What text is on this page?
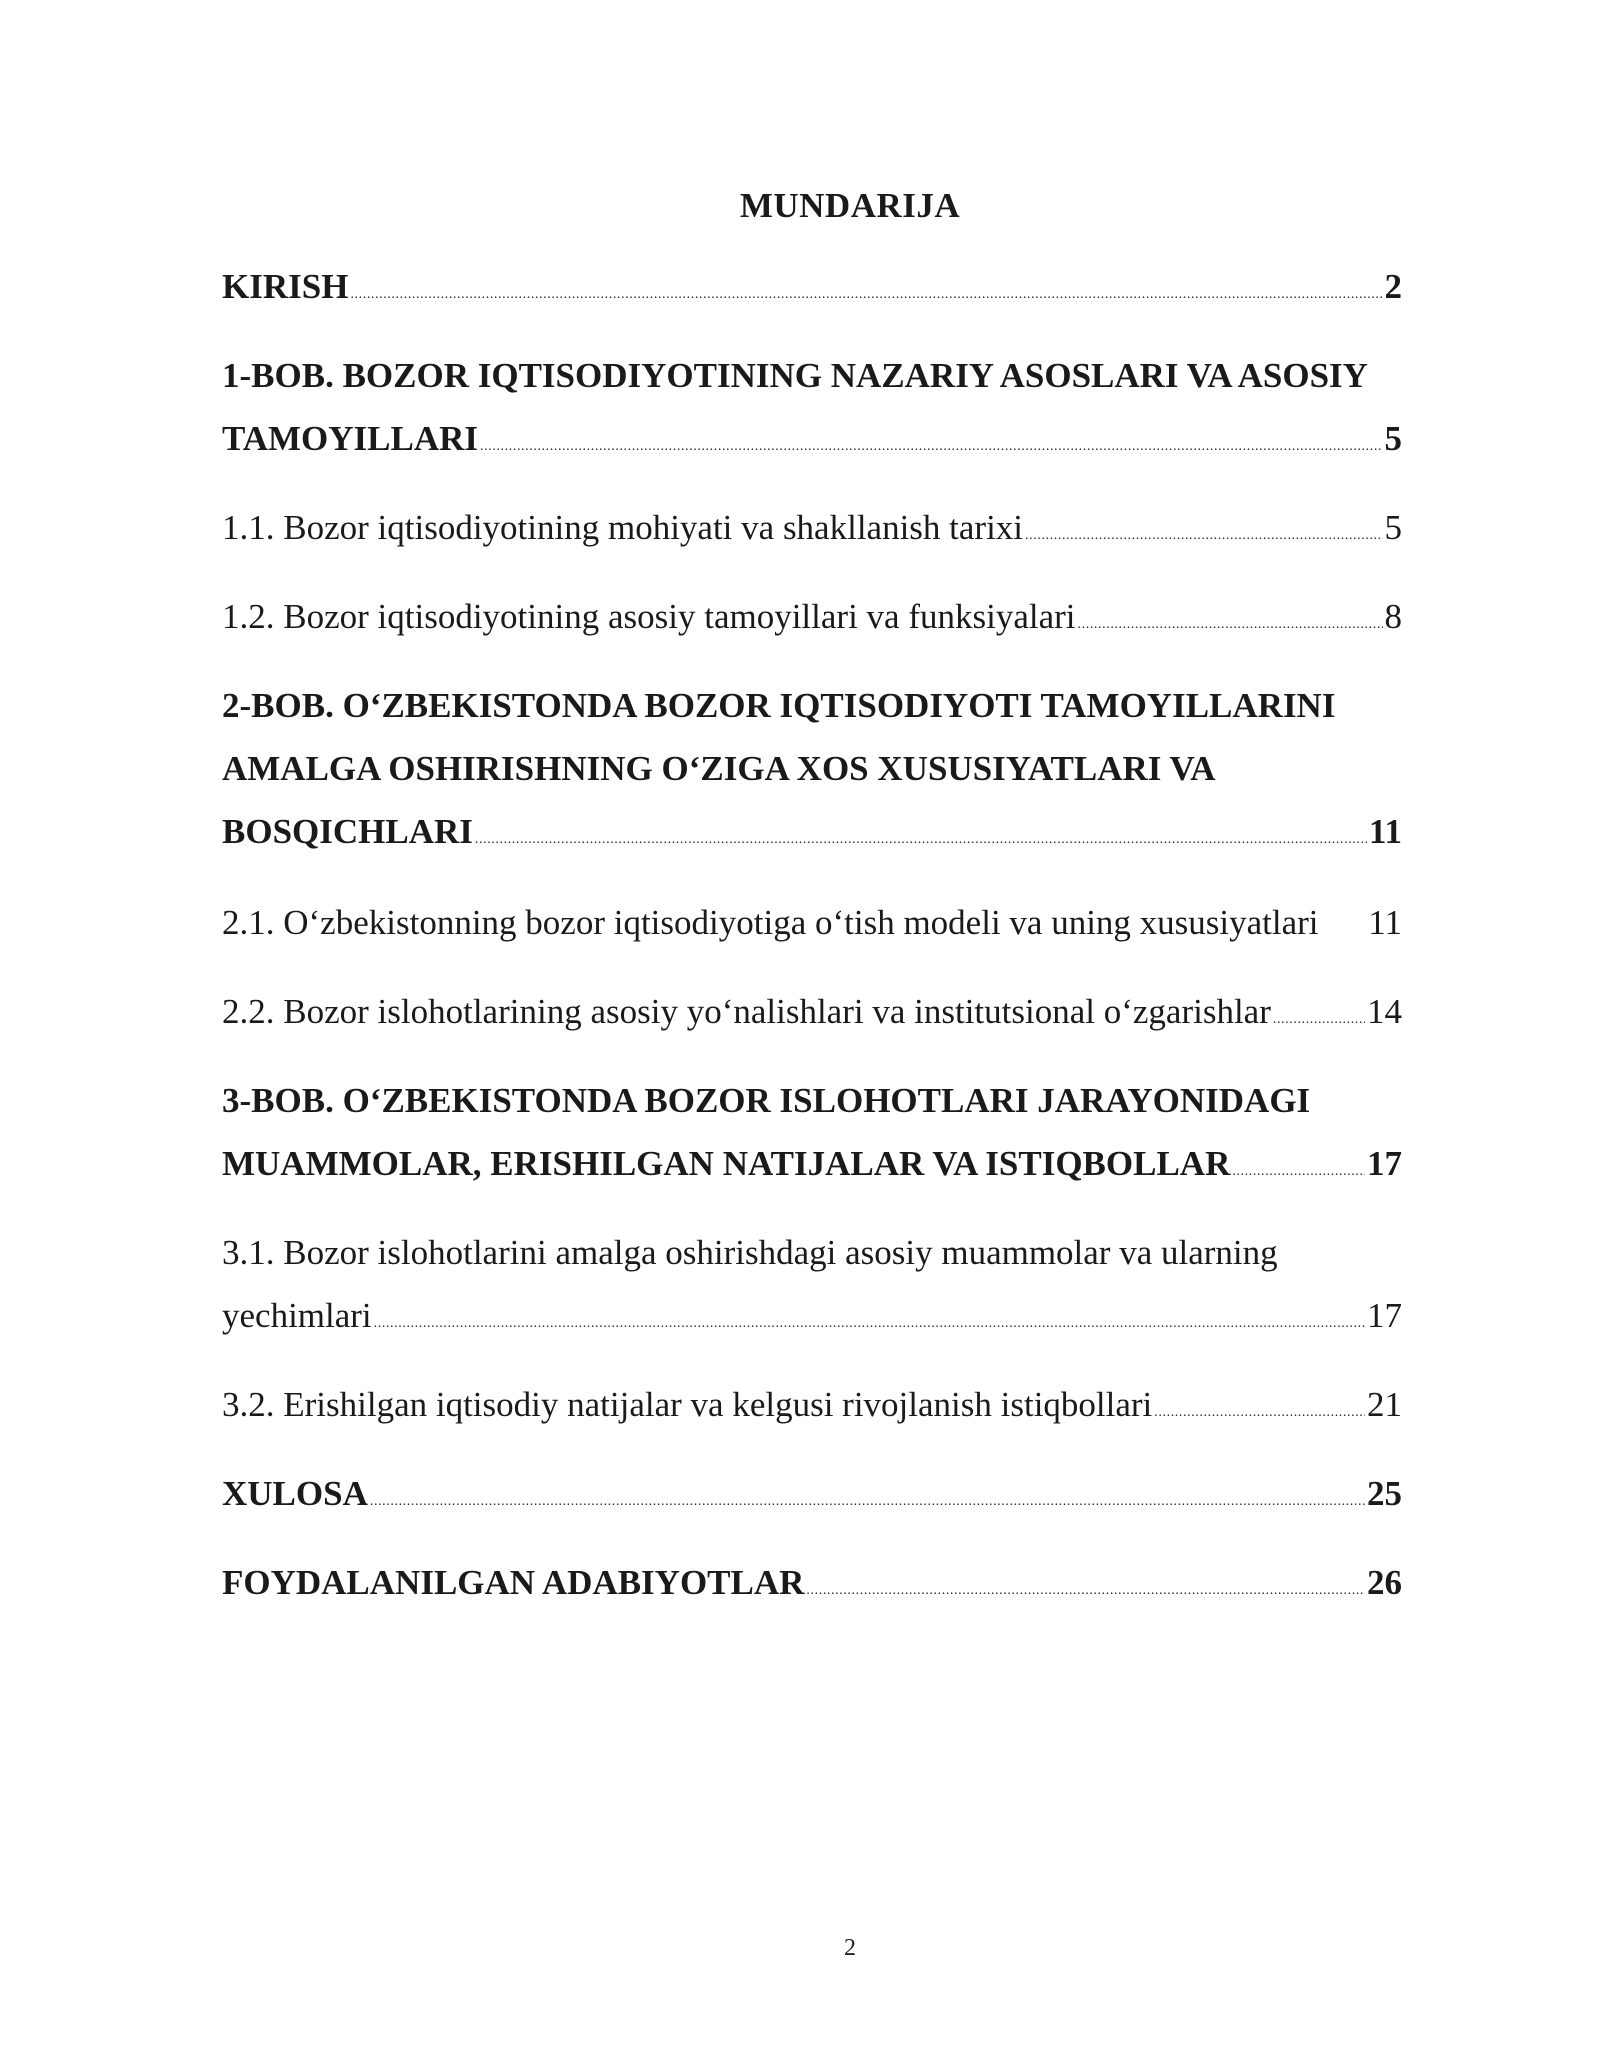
MUNDARIJA
KIRISH .....	2
1-BOB. BOZOR IQTISODIYOTINING NAZARIY ASOSLARI VA ASOSIY
TAMOYILLARI .....	5
1.1. Bozor iqtisodiyotining mohiyati va shakllanish tarixi .....	5
1.2. Bozor iqtisodiyotining asosiy tamoyillari va funksiyalari .....	8
2-BOB. O‘ZBEKISTONDA BOZOR IQTISODIYOTI TAMOYILLARINI
AMALGA OSHIRISHNING O‘ZIGA XOS XUSUSIYATLARI VA
BOSQICHLARI .....	11
2.1. O‘zbekistonning bozor iqtisodiyotiga o‘tish modeli va uning xususiyatlari 11
2.2. Bozor islohotlarining asosiy yo‘nalishlari va institutsional o‘zgarishlar .....	14
3-BOB. O‘ZBEKISTONDA BOZOR ISLOHOTLARI JARAYONIDAGI
MUAMMOLAR, ERISHILGAN NATIJALAR VA ISTIQBOLLAR .....	17
3.1. Bozor islohotlarini amalga oshirishdagi asosiy muammolar va ularning
yechimlari .....	17
3.2. Erishilgan iqtisodiy natijalar va kelgusi rivojlanish istiqbollari .....	21
XULOSA .....	25
FOYDALANILGAN ADABIYOTLAR .....	26
2
